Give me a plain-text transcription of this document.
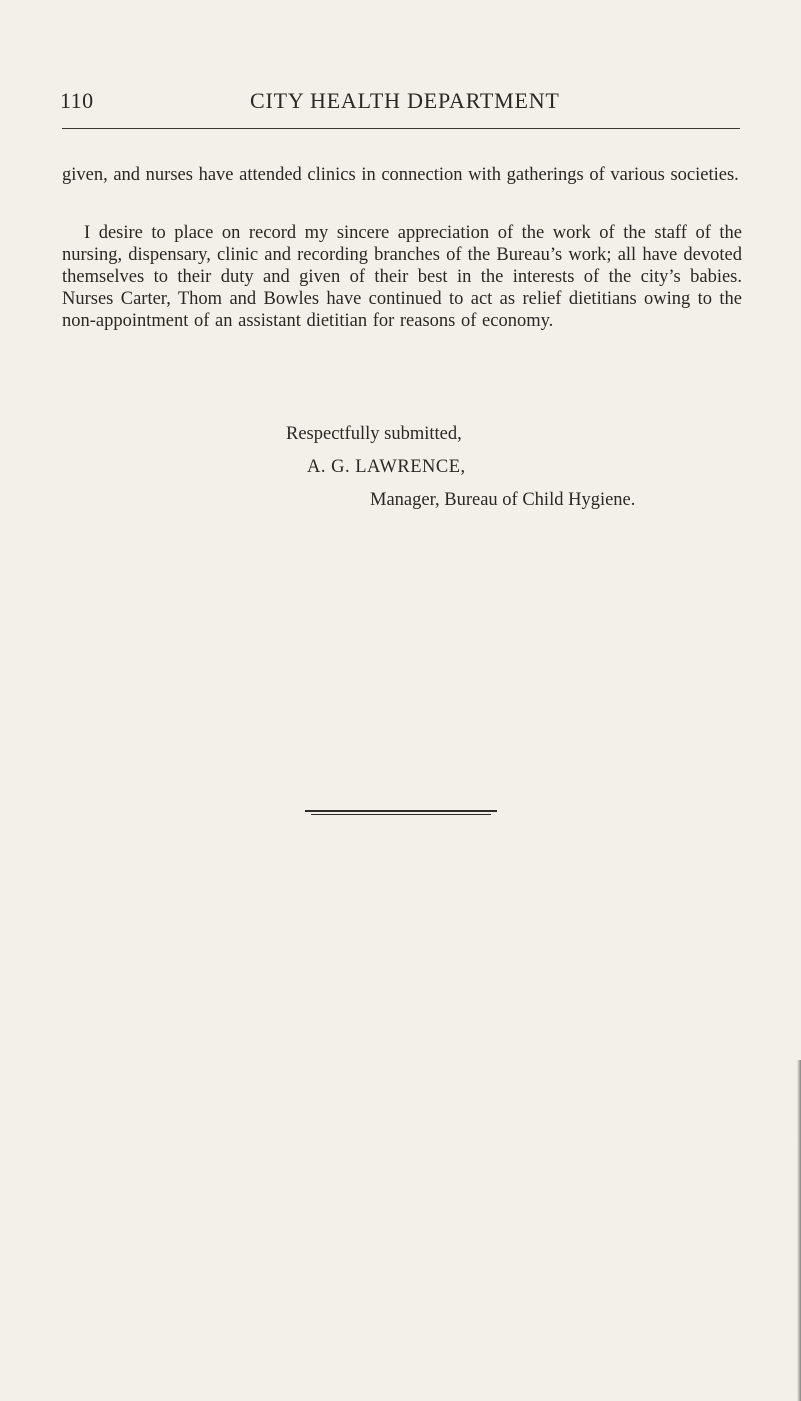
110	CITY HEALTH DEPARTMENT

given, and nurses have attended clinics in connection with gatherings of various societies.

I desire to place on record my sincere appreciation of the work of the staff of the nursing, dispensary, clinic and recording branches of the Bureau’s work; all have devoted themselves to their duty and given of their best in the interests of the city’s babies. Nurses Carter, Thom and Bowles have continued to act as relief dietitians owing to the non-appointment of an assistant dietitian for reasons of economy.

Respectfully submitted,
A. G. LAWRENCE,
Manager, Bureau of Child Hygiene.
